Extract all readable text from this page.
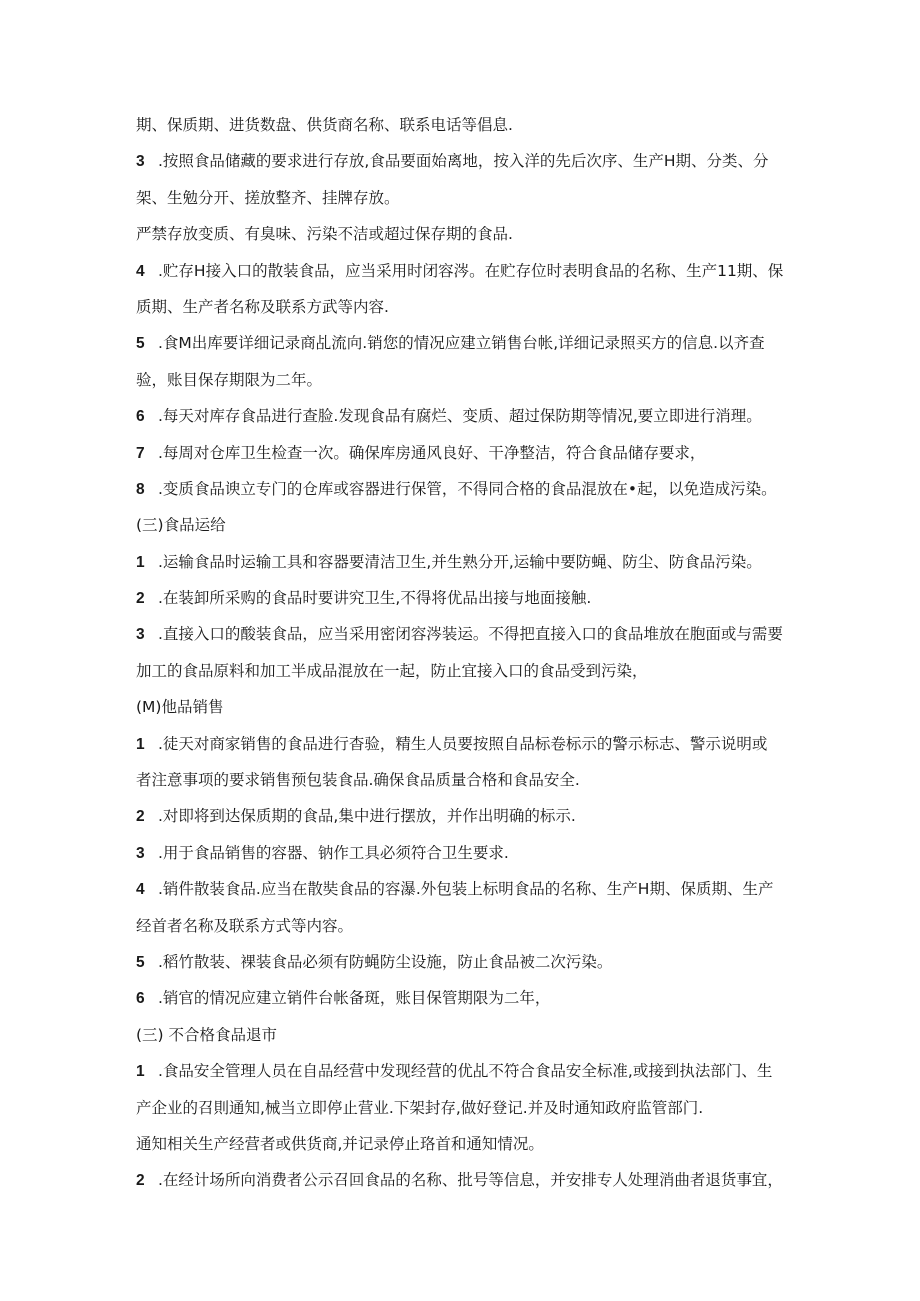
期、保质期、进货数盘、供货商名称、联系电话等倡息.
3 .按照食品储藏的要求进行存放,食品要面始离地，按入洋的先后次序、生产H期、分类、分
架、生勉分开、搓放整齐、挂牌存放。
严禁存放变质、有臭味、污染不洁或超过保存期的食品.
4 .贮存H接入口的散装食品，应当采用时闭容涔。在贮存位时表明食品的名称、生产11期、保
质期、生产者名称及联系方武等内容.
5 .食M出库要详细记录商乩流向.销您的情况应建立销售台帐,详细记录照买方的信息.以齐查
验，账目保存期限为二年。
6 .每天对库存食品进行查脸.发现食品有腐烂、变质、超过保防期等情况,要立即进行消理。
7 .每周对仓库卫生检查一次。确保库房通风良好、干净整洁，符合食品储存要求，
8 .变质食品谀立专门的仓库或容器进行保管，不得同合格的食品混放在•起，以免造成污染。
(三)食品运给
1 .运输食品时运输工具和容器要清洁卫生,并生熟分开,运输中要防蝇、防尘、防食品污染。
2 .在装卸所采购的食品时要讲究卫生,不得将优品出接与地面接触.
3 .直接入口的酸装食品，应当采用密闭容涔装运。不得把直接入口的食品堆放在胞面或与需要
加工的食品原料和加工半成品混放在一起，防止宜接入口的食品受到污染，
(M)他品销售
1 .徒天对商家销售的食品进行杳验，精生人员要按照自品标卷标示的警示标志、警示说明或
者注意事项的要求销售预包装食品.确保食品质量合格和食品安全.
2 .对即将到达保质期的食品,集中进行摆放，并作出明确的标示.
3 .用于食品销售的容器、钠作工具必须符合卫生要求.
4 .销件散装食品.应当在散奘食品的容瀑.外包装上标明食品的名称、生产H期、保质期、生产
经首者名称及联系方式等内容。
5 .稻竹散装、裸装食品必须有防蝇防尘设施，防止食品被二次污染。
6 .销官的情况应建立销件台帐备斑，账目保管期限为二年，
(三) 不合格食品退市
1 .食品安全管理人员在自品经营中发现经营的优乩不符合食品安全标准,或接到执法部门、生
产企业的召則通知,械当立即停止营业.下架封存,做好登记.并及时通知政府监管部门.
通知相关生产经营者或供货商,并记录停止珞首和通知情况。
2 .在经计场所向消费者公示召回食品的名称、批号等信息，并安排专人处理消曲者退货事宜，
